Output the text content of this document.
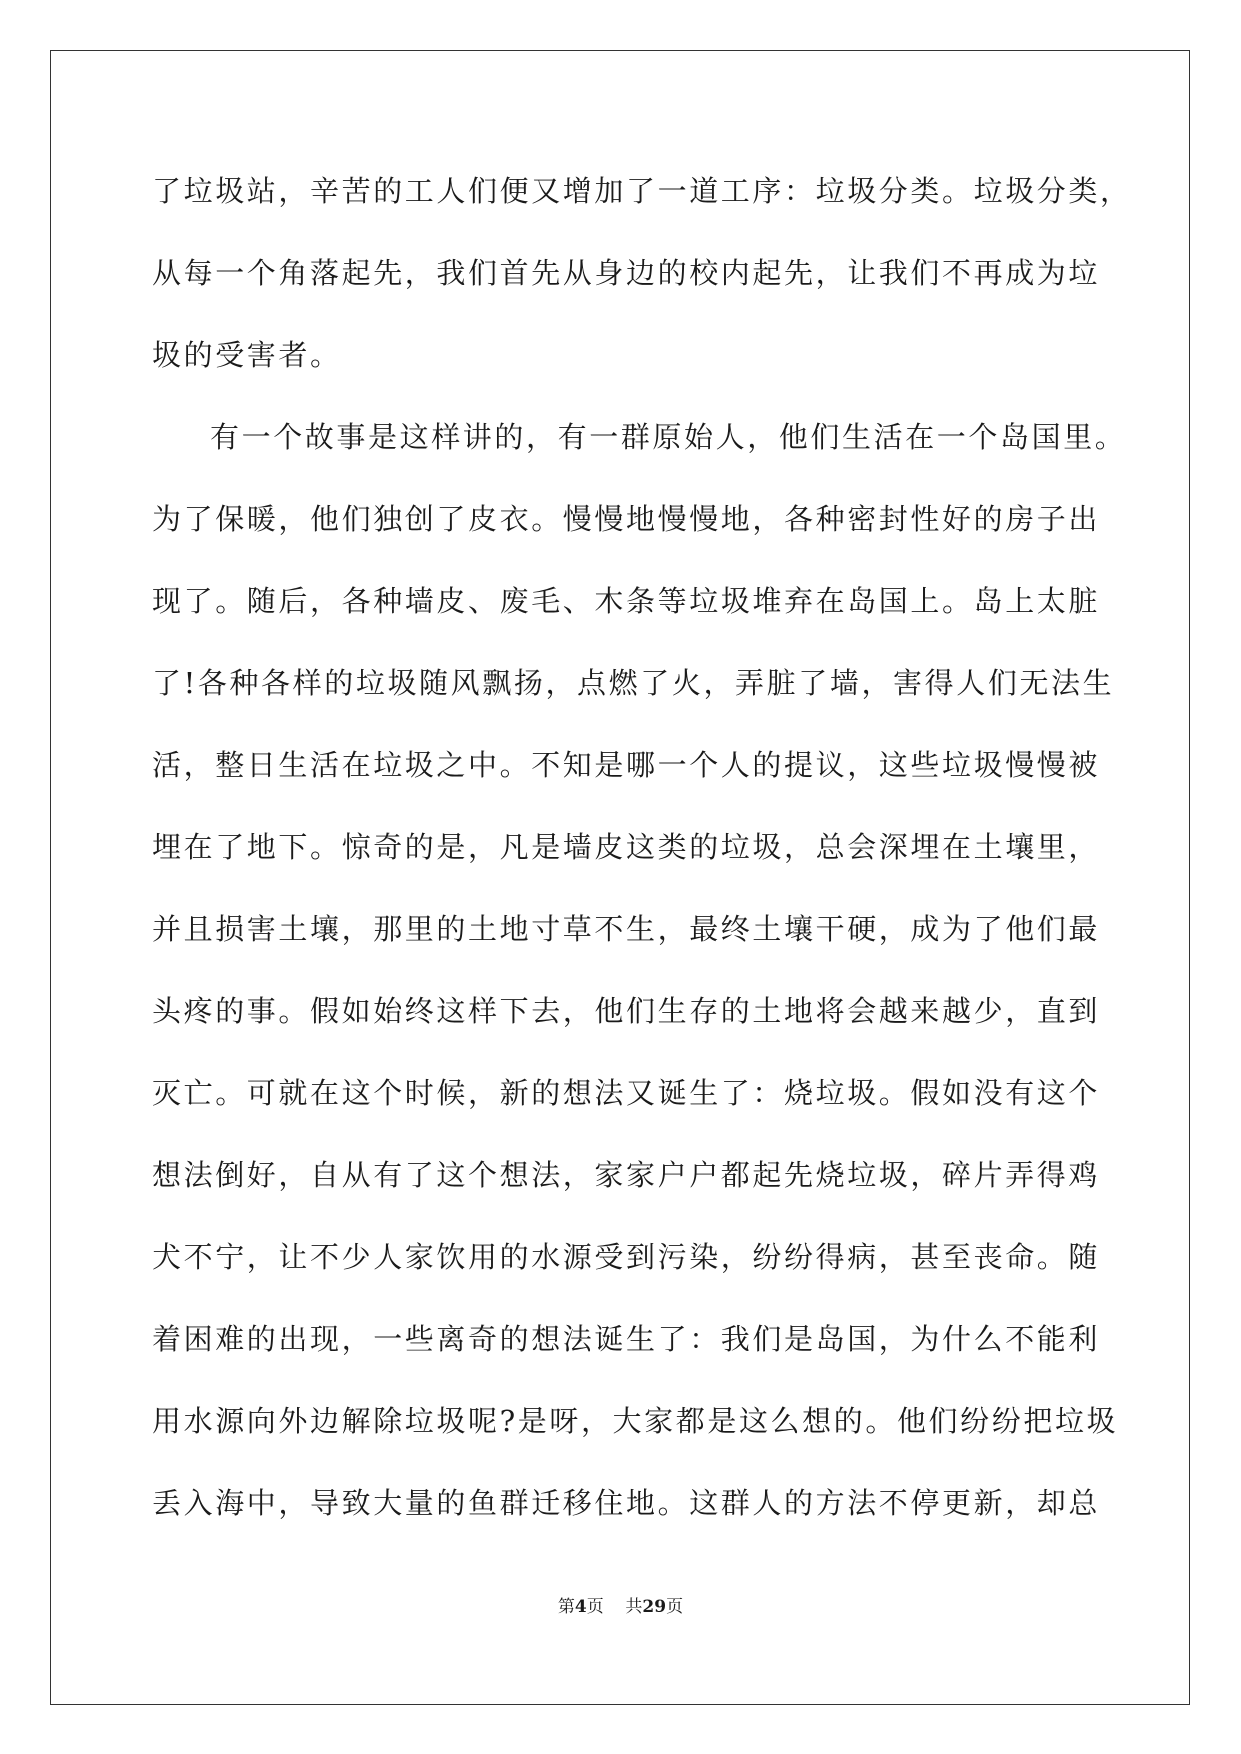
了垃圾站，辛苦的工人们便又增加了一道工序：垃圾分类。垃圾分类，
从每一个角落起先，我们首先从身边的校内起先，让我们不再成为垃
圾的受害者。
有一个故事是这样讲的，有一群原始人，他们生活在一个岛国里。
为了保暖，他们独创了皮衣。慢慢地慢慢地，各种密封性好的房子出
现了。随后，各种墙皮、废毛、木条等垃圾堆弃在岛国上。岛上太脏
了!各种各样的垃圾随风飘扬，点燃了火，弄脏了墙，害得人们无法生
活，整日生活在垃圾之中。不知是哪一个人的提议，这些垃圾慢慢被
埋在了地下。惊奇的是，凡是墙皮这类的垃圾，总会深埋在土壤里，
并且损害土壤，那里的土地寸草不生，最终土壤干硬，成为了他们最
头疼的事。假如始终这样下去，他们生存的土地将会越来越少，直到
灭亡。可就在这个时候，新的想法又诞生了：烧垃圾。假如没有这个
想法倒好，自从有了这个想法，家家户户都起先烧垃圾，碎片弄得鸡
犬不宁，让不少人家饮用的水源受到污染，纷纷得病，甚至丧命。随
着困难的出现，一些离奇的想法诞生了：我们是岛国，为什么不能利
用水源向外边解除垃圾呢?是呀，大家都是这么想的。他们纷纷把垃圾
丢入海中，导致大量的鱼群迁移住地。这群人的方法不停更新，却总
第4页 共29页
